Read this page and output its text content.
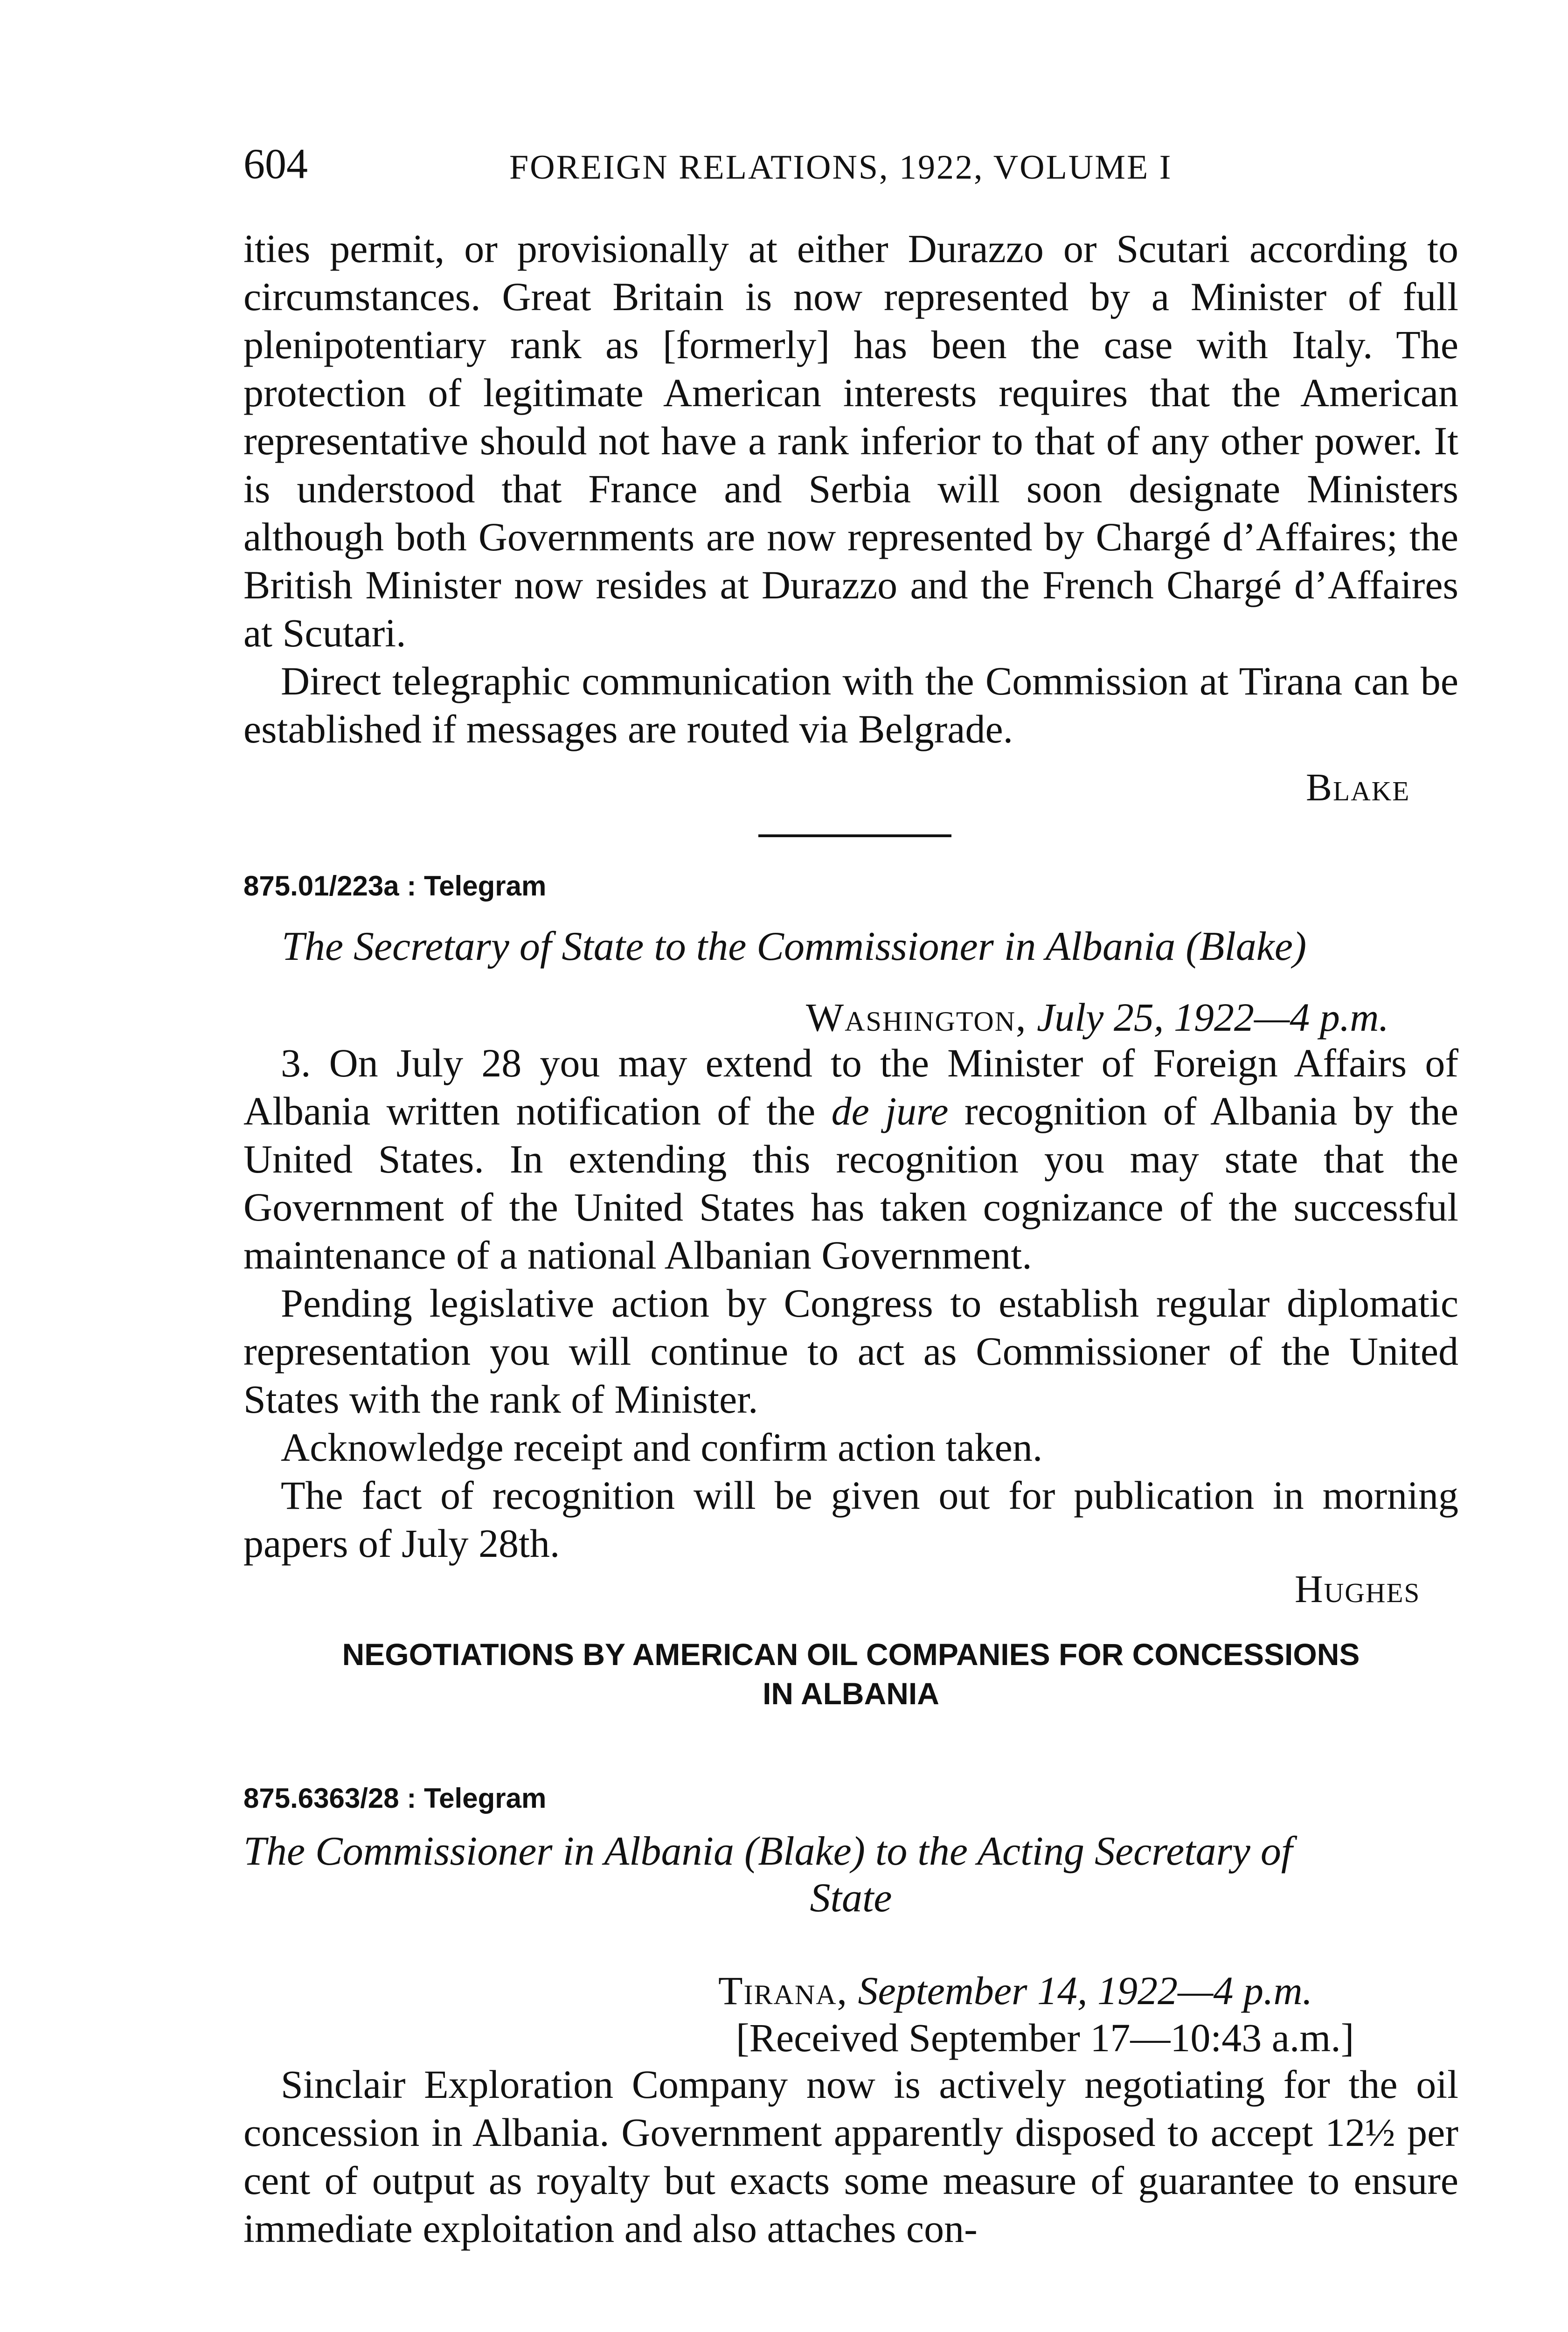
604	FOREIGN RELATIONS, 1922, VOLUME I

ities permit, or provisionally at either Durazzo or Scutari according to circumstances. Great Britain is now represented by a Minister of full plenipotentiary rank as [formerly] has been the case with Italy. The protection of legitimate American interests requires that the American representative should not have a rank inferior to that of any other power. It is understood that France and Serbia will soon designate Ministers although both Governments are now represented by Chargé d’Affaires; the British Minister now resides at Durazzo and the French Chargé d’Affaires at Scutari.

Direct telegraphic communication with the Commission at Tirana can be established if messages are routed via Belgrade.

Blake
875.01/223a : Telegram
The Secretary of State to the Commissioner in Albania (Blake)
Washington, July 25, 1922—4 p.m.

3. On July 28 you may extend to the Minister of Foreign Affairs of Albania written notification of the de jure recognition of Albania by the United States. In extending this recognition you may state that the Government of the United States has taken cognizance of the successful maintenance of a national Albanian Government.

Pending legislative action by Congress to establish regular diplomatic representation you will continue to act as Commissioner of the United States with the rank of Minister.

Acknowledge receipt and confirm action taken.

The fact of recognition will be given out for publication in morning papers of July 28th.

Hughes
NEGOTIATIONS BY AMERICAN OIL COMPANIES FOR CONCESSIONS
IN ALBANIA
875.6363/28 : Telegram
The Commissioner in Albania (Blake) to the Acting Secretary of
State
Tirana, September 14, 1922—4 p.m.
[Received September 17—10:43 a.m.]

Sinclair Exploration Company now is actively negotiating for the oil concession in Albania. Government apparently disposed to accept 12½ per cent of output as royalty but exacts some measure of guarantee to ensure immediate exploitation and also attaches con-
